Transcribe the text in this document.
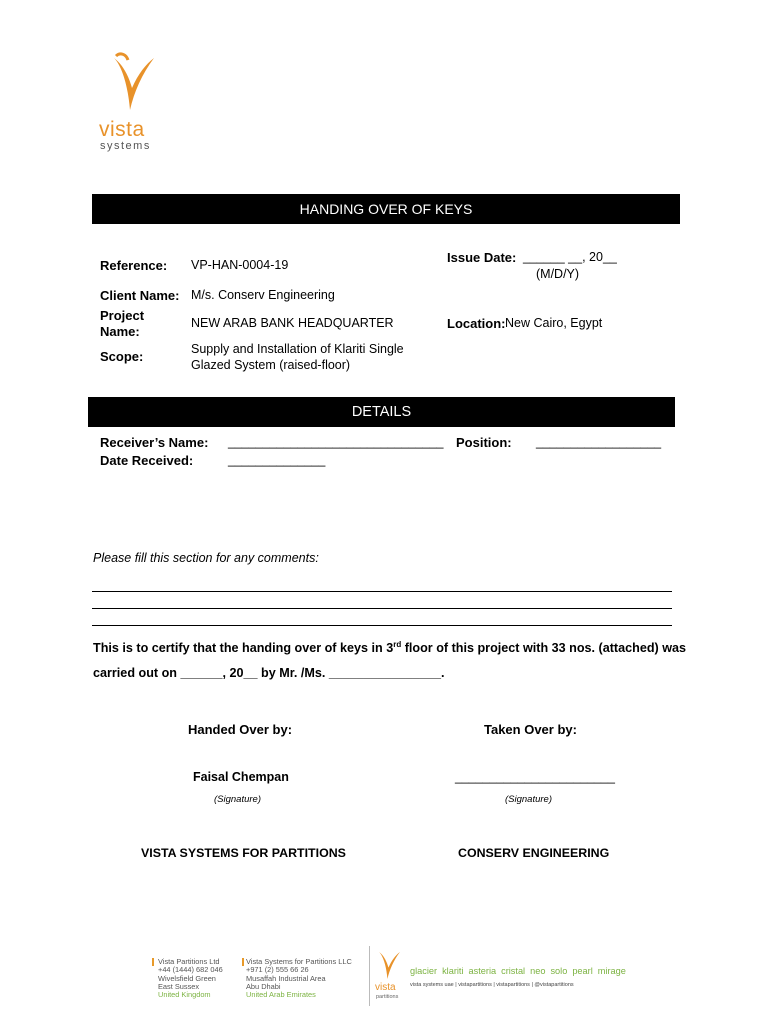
vista
systems
HANDING OVER OF KEYS
Reference: VP-HAN-0004-19
Client Name: M/s. Conserv Engineering
Project
Name:
NEW ARAB BANK HEADQUARTER
Scope:	Supply and Installation of Klariti Single
Glazed System (raised-floor)
Issue Date: ______ __, 20__
(M/D/Y)
Location: New Cairo, Egypt
DETAILS
Receiver’s Name: _______________________________ Position: __________________
Date Received:	______________
Please fill this section for any comments:
This is to certify that the handing over of keys in 3rd floor of this project with 33 nos. (attached) was
carried out on ______, 20__ by Mr. /Ms. ________________.
Handed Over by:	Taken Over by:
Faisal Chempan	_______________________
(Signature)	(Signature)
VISTA SYSTEMS FOR PARTITIONS	CONSERV ENGINEERING
Vista Partitions Ltd
+44 (1444) 682 046
Wivelsfield Green
East Sussex
United Kingdom
Vista Systems for Partitions LLC
+971 (2) 555 66 26
Musaffah Industrial Area
Abu Dhabi
United Arab Emirates
vista
partitions
glacier klariti asteria cristal neo solo pearl mirage
vista systems uae | vistapartitions | vistapartitions | @vistapartitions
